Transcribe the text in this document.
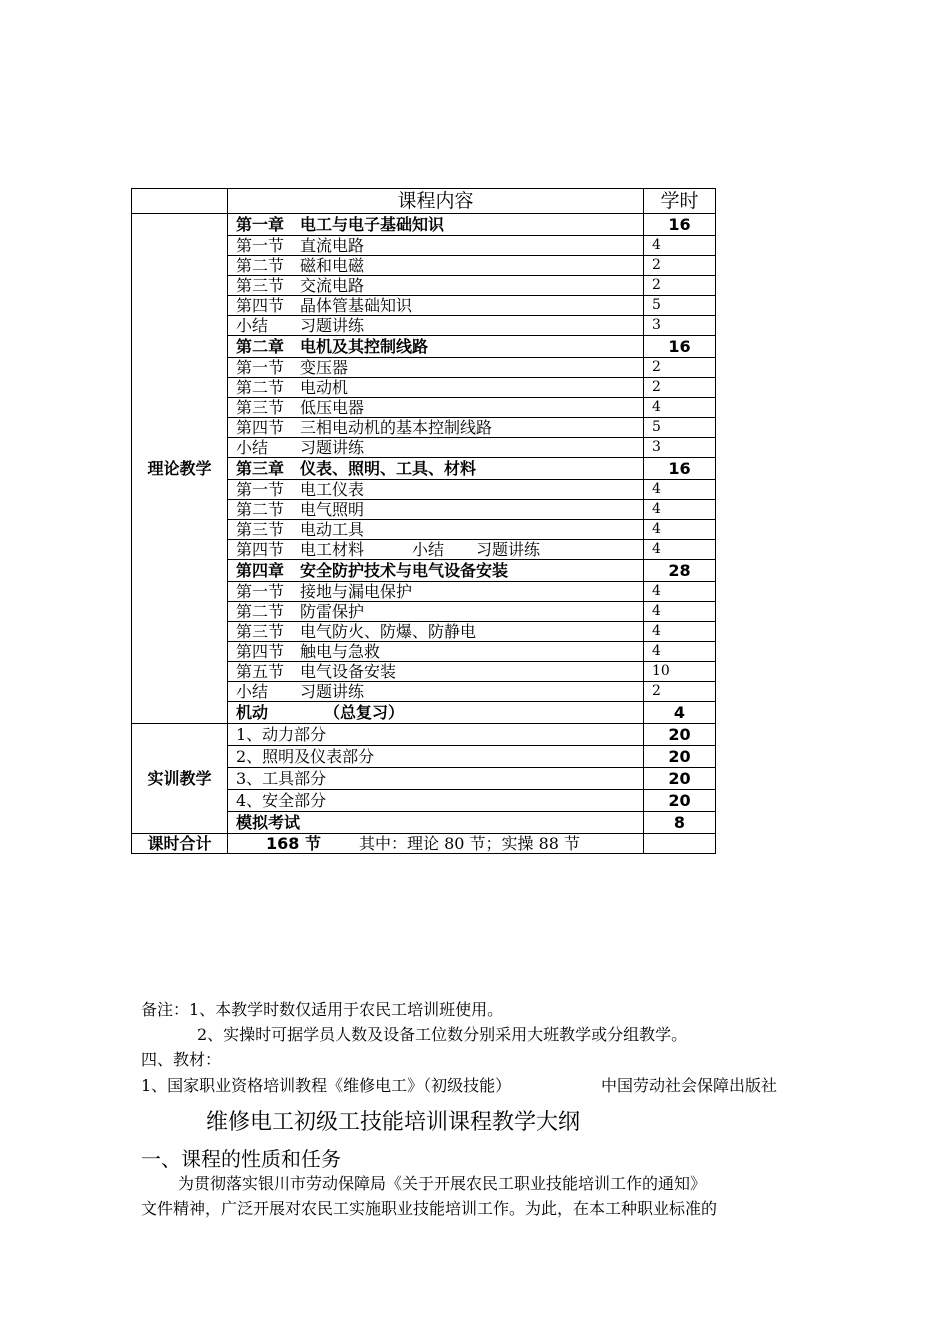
	课程内容	学时
理论教学	第一章　电工与电子基础知识	16
	第一节　直流电路	4
	第二节　磁和电磁	2
	第三节　交流电路	2
	第四节　晶体管基础知识	5
	小结　　习题讲练	3
	第二章　电机及其控制线路	16
	第一节　变压器	2
	第二节　电动机	2
	第三节　低压电器	4
	第四节　三相电动机的基本控制线路	5
	小结　　习题讲练	3
	第三章　仪表、照明、工具、材料	16
	第一节　电工仪表	4
	第二节　电气照明	4
	第三节　电动工具	4
	第四节　电工材料　　　小结　　习题讲练	4
	第四章　安全防护技术与电气设备安装	28
	第一节　接地与漏电保护	4
	第二节　防雷保护	4
	第三节　电气防火、防爆、防静电	4
	第四节　触电与急救	4
	第五节　电气设备安装	10
	小结　　习题讲练	2
	机动　　　　（总复习）	4
实训教学	1、动力部分	20
	2、照明及仪表部分	20
	3、工具部分	20
	4、安全部分	20
	模拟考试	8
课时合计	168 节 其中：理论 80 节；实操 88 节	
备注：1、本教学时数仅适用于农民工培训班使用。
2、实操时可据学员人数及设备工位数分别采用大班教学或分组教学。
四、教材：
1、国家职业资格培训教程《维修电工》（初级技能）	中国劳动社会保障出版社
维修电工初级工技能培训课程教学大纲
一、课程的性质和任务
为贯彻落实银川市劳动保障局《关于开展农民工职业技能培训工作的通知》
文件精神，广泛开展对农民工实施职业技能培训工作。为此，在本工种职业标准的
